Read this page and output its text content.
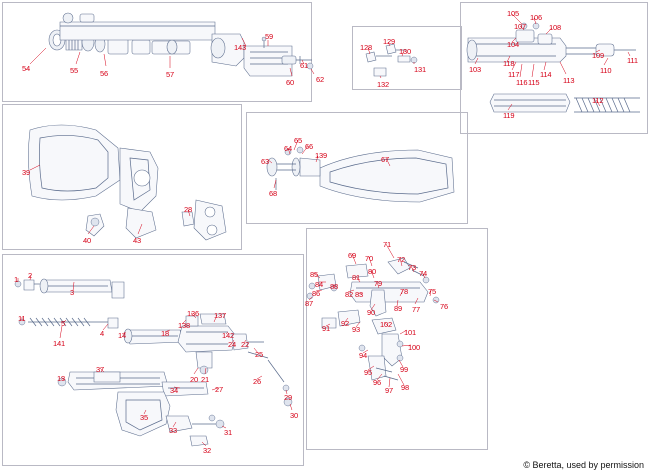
54	55	56	57
143
59
60
61
62
128
129
130
131
132
105 106
107	108
104
103
118
117
116 115
114
113
109
110
111
112
119
39
40	43
28
65
66
64
63
139
68
67
69 70
71
72
73
74
75
76
77
78
79
80
81
82 83
84
85
86
87
88
89
90
91
92
93
102
101
100
94
95
96
97 98
99
1 2
3
11
5
4
141
14	18
138
136 137
142
24 22
25
20 21	26
29
30
13
37
34	27
35
33	31
32
© Beretta, used by permission
